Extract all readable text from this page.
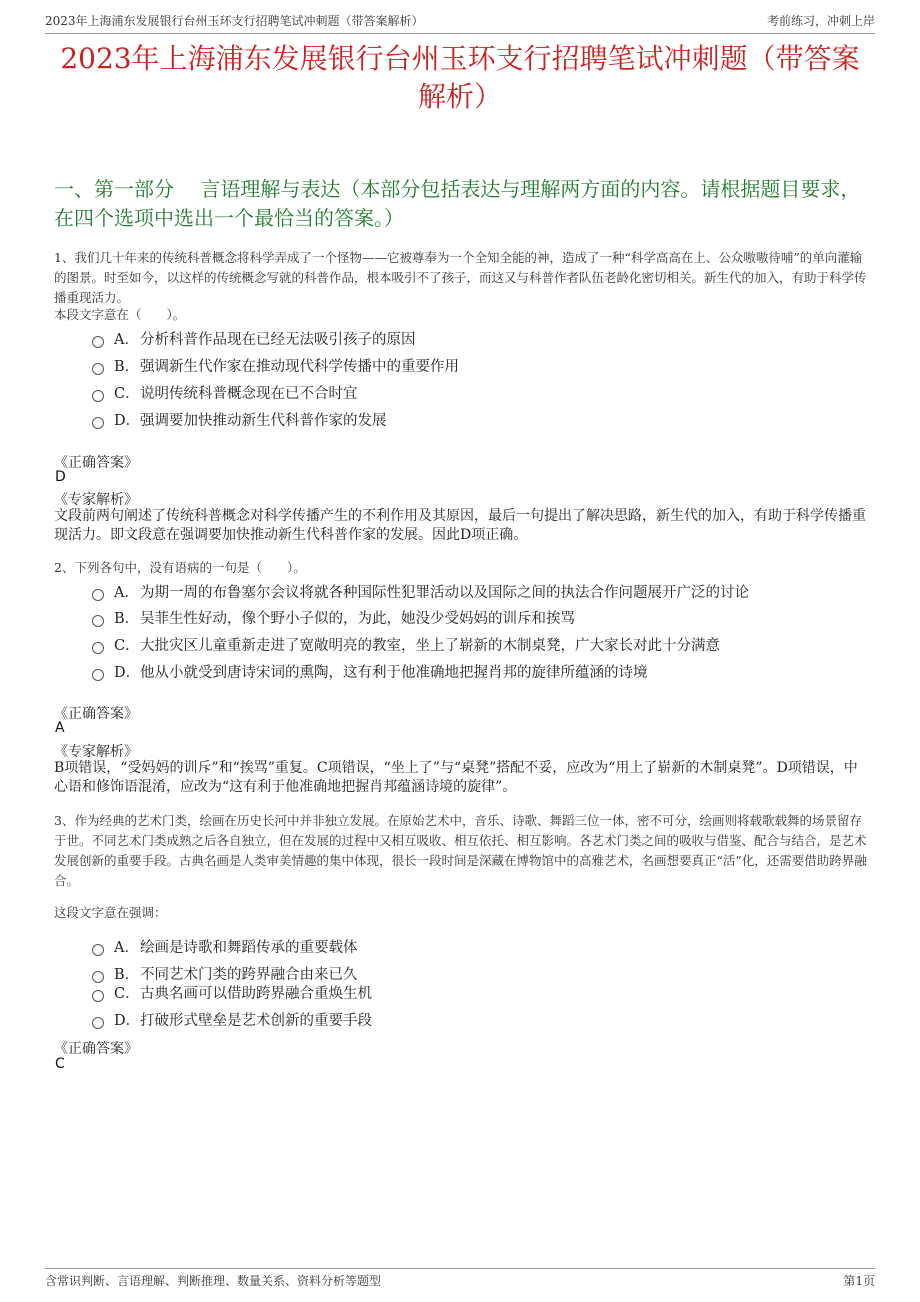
2023年上海浦东发展银行台州玉环支行招聘笔试冲刺题（带答案解析）	考前练习，冲刺上岸
2023年上海浦东发展银行台州玉环支行招聘笔试冲刺题（带答案解析）
一、第一部分　 言语理解与表达（本部分包括表达与理解两方面的内容。请根据题目要求，在四个选项中选出一个最恰当的答案。）
1、我们几十年来的传统科普概念将科学弄成了一个怪物——它被尊奉为一个全知全能的神，造成了一种“科学高高在上、公众嗷嗷待哺”的单向灌输的图景。时至如今，以这样的传统概念写就的科普作品，根本吸引不了孩子，而这又与科普作者队伍老龄化密切相关。新生代的加入，有助于科学传播重现活力。
本段文字意在（　　）。
A． 分析科普作品现在已经无法吸引孩子的原因
B． 强调新生代作家在推动现代科学传播中的重要作用
C． 说明传统科普概念现在已不合时宜
D． 强调要加快推动新生代科普作家的发展
《正确答案》
D
《专家解析》
文段前两句阐述了传统科普概念对科学传播产生的不利作用及其原因，最后一句提出了解决思路，新生代的加入，有助于科学传播重现活力。即文段意在强调要加快推动新生代科普作家的发展。因此D项正确。
2、下列各句中，没有语病的一句是（　　）。
A． 为期一周的布鲁塞尔会议将就各种国际性犯罪活动以及国际之间的执法合作问题展开广泛的讨论
B． 吴菲生性好动，像个野小子似的，为此，她没少受妈妈的训斥和挨骂
C． 大批灾区儿童重新走进了宽敞明亮的教室，坐上了崭新的木制桌凳，广大家长对此十分满意
D． 他从小就受到唐诗宋词的熏陶，这有利于他准确地把握肖邦的旋律所蕴涵的诗境
《正确答案》
A
《专家解析》
B项错误，“受妈妈的训斥”和“挨骂”重复。C项错误，“坐上了”与“桌凳”搭配不妥，应改为“用上了崭新的木制桌凳”。D项错误，中心语和修饰语混淆，应改为“这有利于他准确地把握肖邦蕴涵诗境的旋律”。
3、作为经典的艺术门类，绘画在历史长河中并非独立发展。在原始艺术中，音乐、诗歌、舞蹈三位一体，密不可分，绘画则将载歌载舞的场景留存于世。不同艺术门类成熟之后各自独立，但在发展的过程中又相互吸收、相互依托、相互影响。各艺术门类之间的吸收与借鉴、配合与结合，是艺术发展创新的重要手段。古典名画是人类审美情趣的集中体现，很长一段时间是深藏在博物馆中的高雅艺术，名画想要真正“活”化，还需要借助跨界融合。
这段文字意在强调：
A． 绘画是诗歌和舞蹈传承的重要载体
B． 不同艺术门类的跨界融合由来已久
C． 古典名画可以借助跨界融合重焕生机
D． 打破形式壁垒是艺术创新的重要手段
《正确答案》
C
含常识判断、言语理解、判断推理、数量关系、资料分析等题型	第1页
